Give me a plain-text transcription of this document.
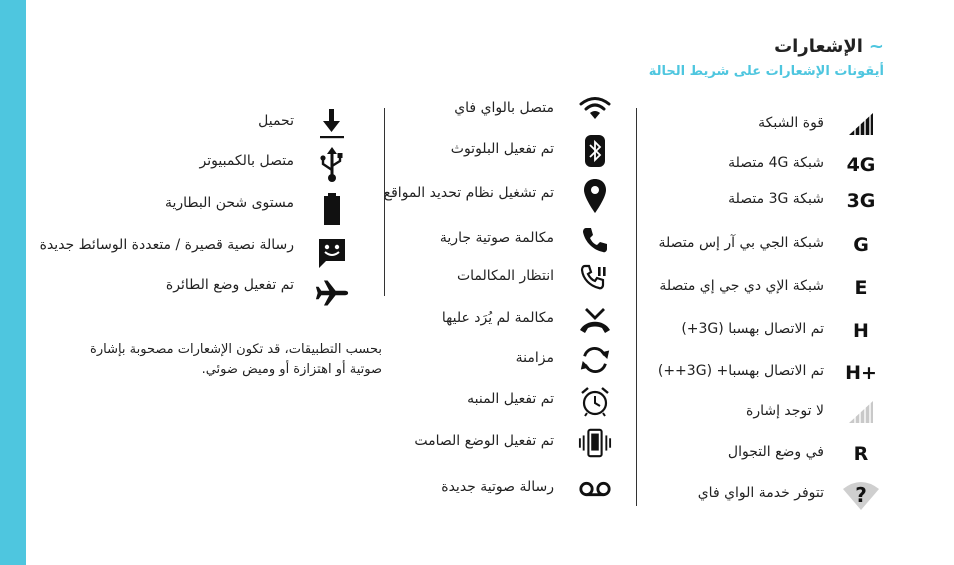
~الإشعارات
أيقونات الإشعارات على شريط الحالة
قوة الشبكة
4G
شبكة 4G متصلة
3G
شبكة 3G متصلة
G
شبكة الجي بي آر إس متصلة
E
شبكة الإي دي جي إي متصلة
H
تم الاتصال بهسبا (3G+)
H+
تم الاتصال بهسبا+ (3G++)
لا توجد إشارة
R
في وضع التجوال
?
تتوفر خدمة الواي فاي
متصل بالواي فاي
تم تفعيل البلوتوث
تم تشغيل نظام تحديد المواقع
مكالمة صوتية جارية
انتظار المكالمات
مكالمة لم يُرَد عليها
مزامنة
تم تفعيل المنبه
تم تفعيل الوضع الصامت
رسالة صوتية جديدة
تحميل
متصل بالكمبيوتر
مستوى شحن البطارية
رسالة نصية قصيرة / متعددة الوسائط جديدة
تم تفعيل وضع الطائرة
بحسب التطبيقات، قد تكون الإشعارات مصحوبة بإشارة صوتية أو اهتزازة أو وميض ضوئي.
